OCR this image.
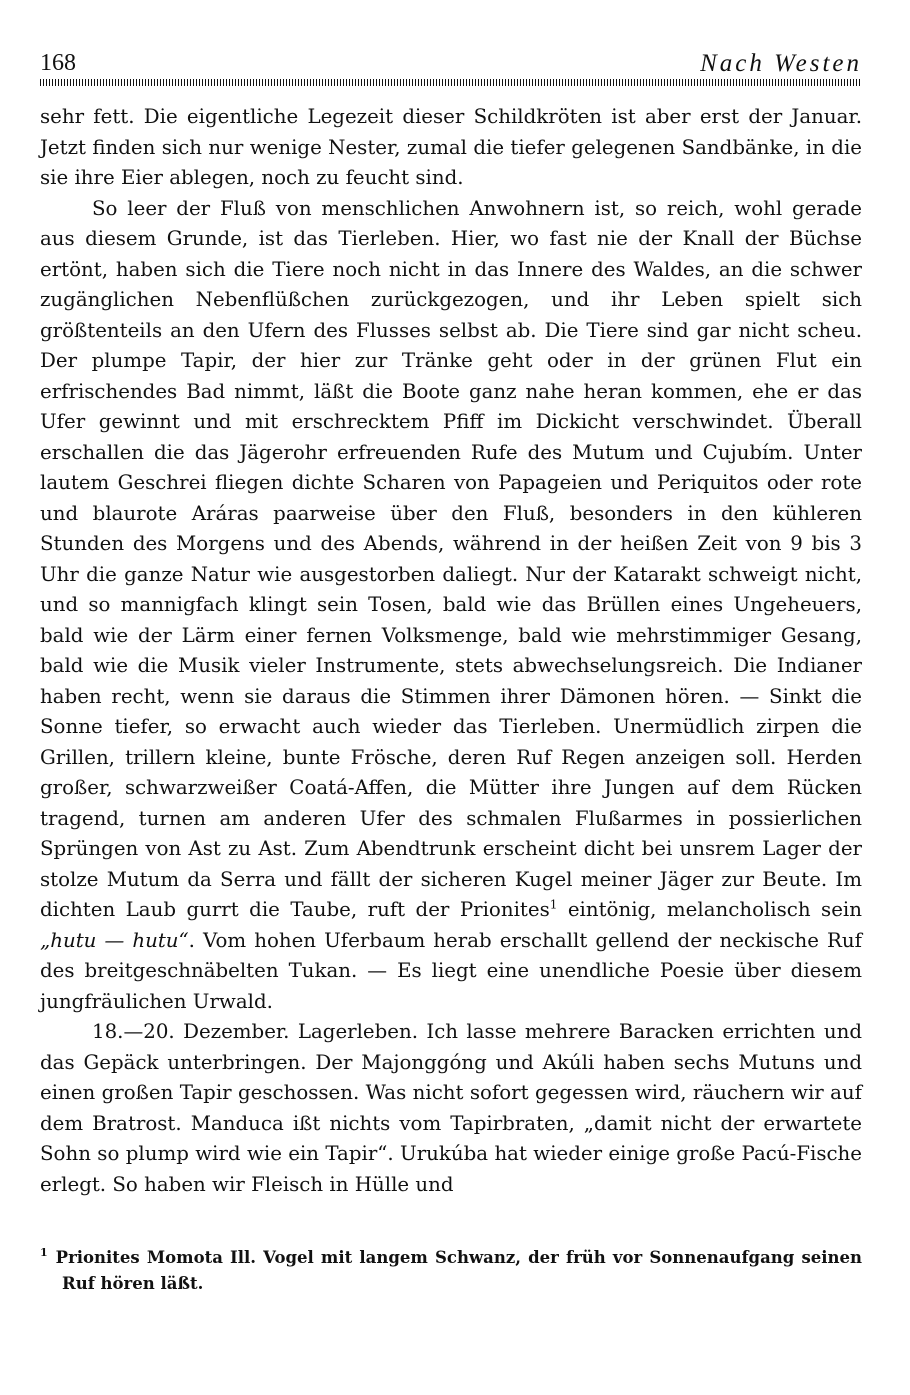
168	Nach Westen

sehr fett. Die eigentliche Legezeit dieser Schildkröten ist aber erst der Januar. Jetzt finden sich nur wenige Nester, zumal die tiefer gelegenen Sandbänke, in die sie ihre Eier ablegen, noch zu feucht sind.

So leer der Fluß von menschlichen Anwohnern ist, so reich, wohl gerade aus diesem Grunde, ist das Tierleben. Hier, wo fast nie der Knall der Büchse ertönt, haben sich die Tiere noch nicht in das Innere des Waldes, an die schwer zugänglichen Nebenflüßchen zurückgezogen, und ihr Leben spielt sich größtenteils an den Ufern des Flusses selbst ab. Die Tiere sind gar nicht scheu. Der plumpe Tapir, der hier zur Tränke geht oder in der grünen Flut ein erfrischendes Bad nimmt, läßt die Boote ganz nahe heran kommen, ehe er das Ufer gewinnt und mit erschrecktem Pfiff im Dickicht verschwindet. Überall erschallen die das Jägerohr erfreuenden Rufe des Mutum und Cujubím. Unter lautem Geschrei fliegen dichte Scharen von Papageien und Periquitos oder rote und blaurote Aráras paarweise über den Fluß, besonders in den kühleren Stunden des Morgens und des Abends, während in der heißen Zeit von 9 bis 3 Uhr die ganze Natur wie ausgestorben daliegt. Nur der Katarakt schweigt nicht, und so mannigfach klingt sein Tosen, bald wie das Brüllen eines Ungeheuers, bald wie der Lärm einer fernen Volksmenge, bald wie mehrstimmiger Gesang, bald wie die Musik vieler Instrumente, stets abwechselungsreich. Die Indianer haben recht, wenn sie daraus die Stimmen ihrer Dämonen hören. — Sinkt die Sonne tiefer, so erwacht auch wieder das Tierleben. Unermüdlich zirpen die Grillen, trillern kleine, bunte Frösche, deren Ruf Regen anzeigen soll. Herden großer, schwarzweißer Coatá-Affen, die Mütter ihre Jungen auf dem Rücken tragend, turnen am anderen Ufer des schmalen Flußarmes in possierlichen Sprüngen von Ast zu Ast. Zum Abendtrunk erscheint dicht bei unsrem Lager der stolze Mutum da Serra und fällt der sicheren Kugel meiner Jäger zur Beute. Im dichten Laub gurrt die Taube, ruft der Prionites$^1$ eintönig, melancholisch sein „hutu — hutu“. Vom hohen Uferbaum herab erschallt gellend der neckische Ruf des breitgeschnäbelten Tukan. — Es liegt eine unendliche Poesie über diesem jungfräulichen Urwald.

18.—20. Dezember. Lagerleben. Ich lasse mehrere Baracken errichten und das Gepäck unterbringen. Der Majonggóng und Akúli haben sechs Mutuns und einen großen Tapir geschossen. Was nicht sofort gegessen wird, räuchern wir auf dem Bratrost. Manduca ißt nichts vom Tapirbraten, „damit nicht der erwartete Sohn so plump wird wie ein Tapir“. Urukúba hat wieder einige große Pacú-Fische erlegt. So haben wir Fleisch in Hülle und

$^1$ Prionites Momota Ill. Vogel mit langem Schwanz, der früh vor Sonnenaufgang seinen Ruf hören läßt.
